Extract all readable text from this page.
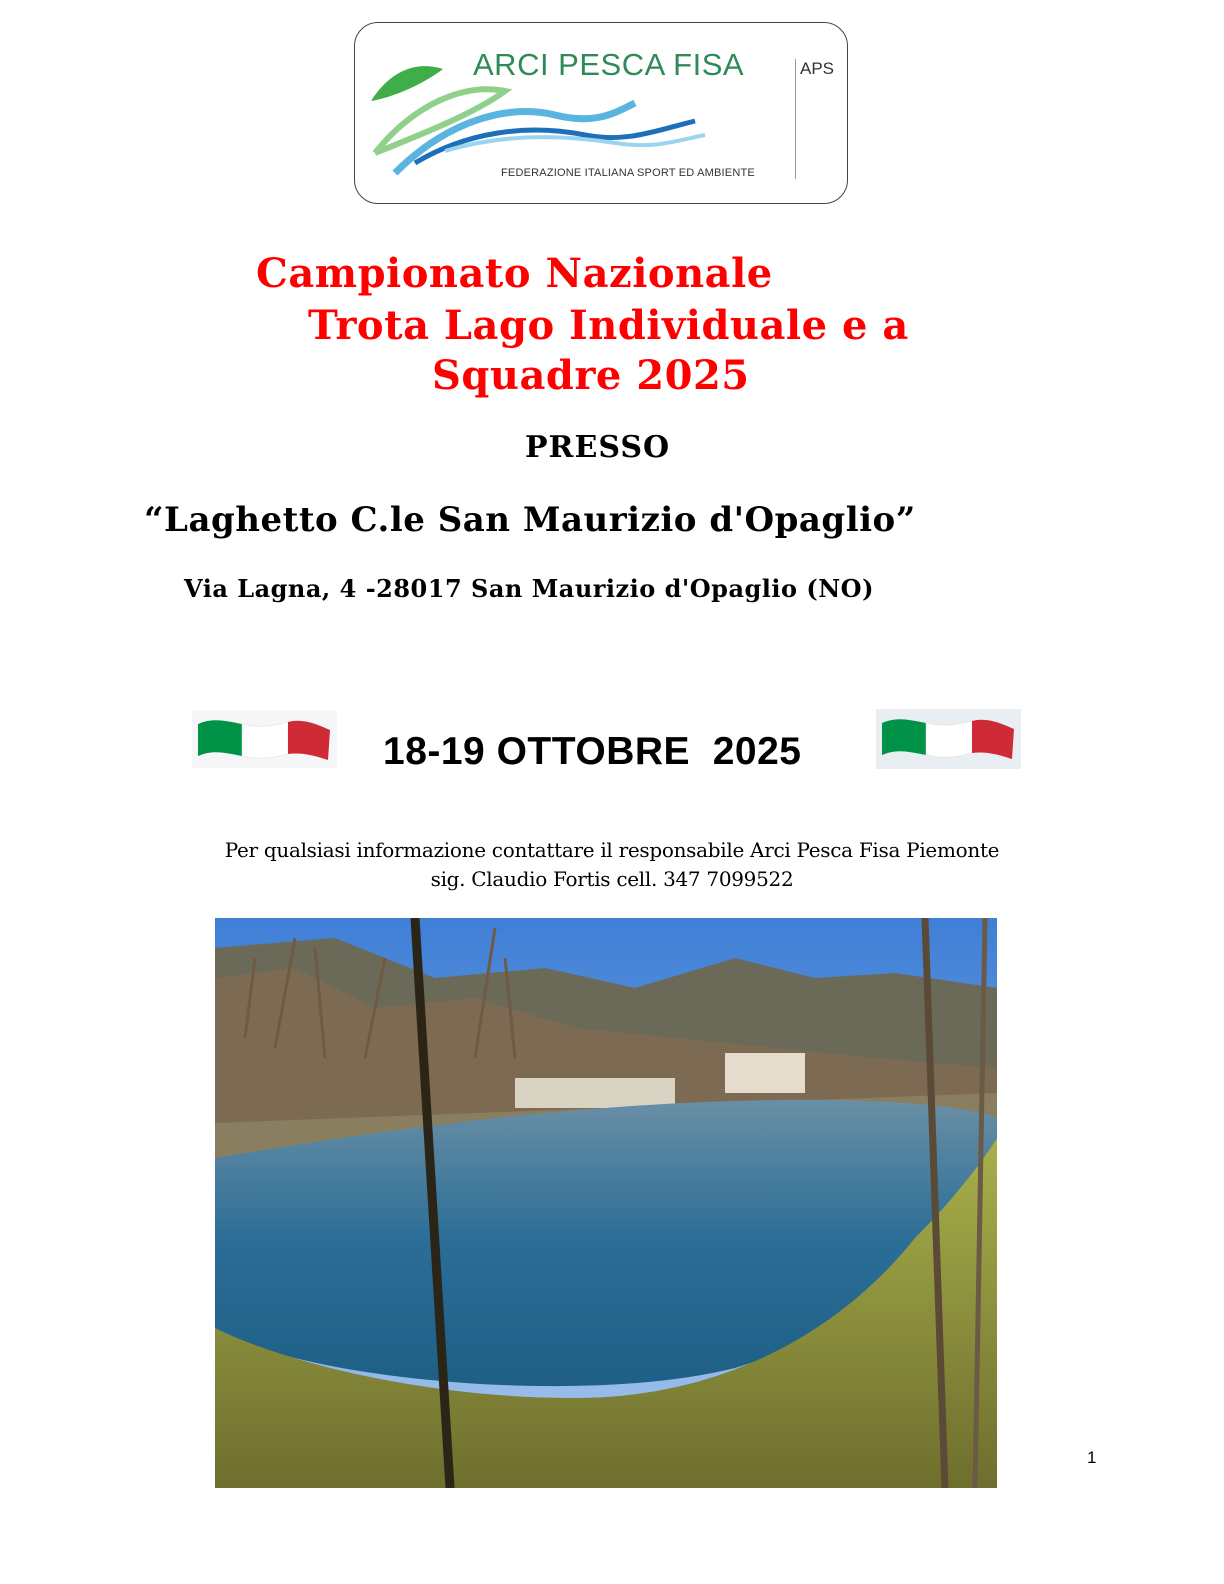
ARCI PESCA FISA	APS
FEDERAZIONE ITALIANA SPORT ED AMBIENTE
Campionato Nazionale
Trota Lago Individuale e a
Squadre 2025
PRESSO
“Laghetto C.le San Maurizio d'Opaglio”
Via Lagna, 4 -28017 San Maurizio d'Opaglio (NO)
18-19 OTTOBRE  2025
Per qualsiasi informazione contattare il responsabile Arci Pesca Fisa Piemonte
sig. Claudio Fortis cell. 347 7099522
1
